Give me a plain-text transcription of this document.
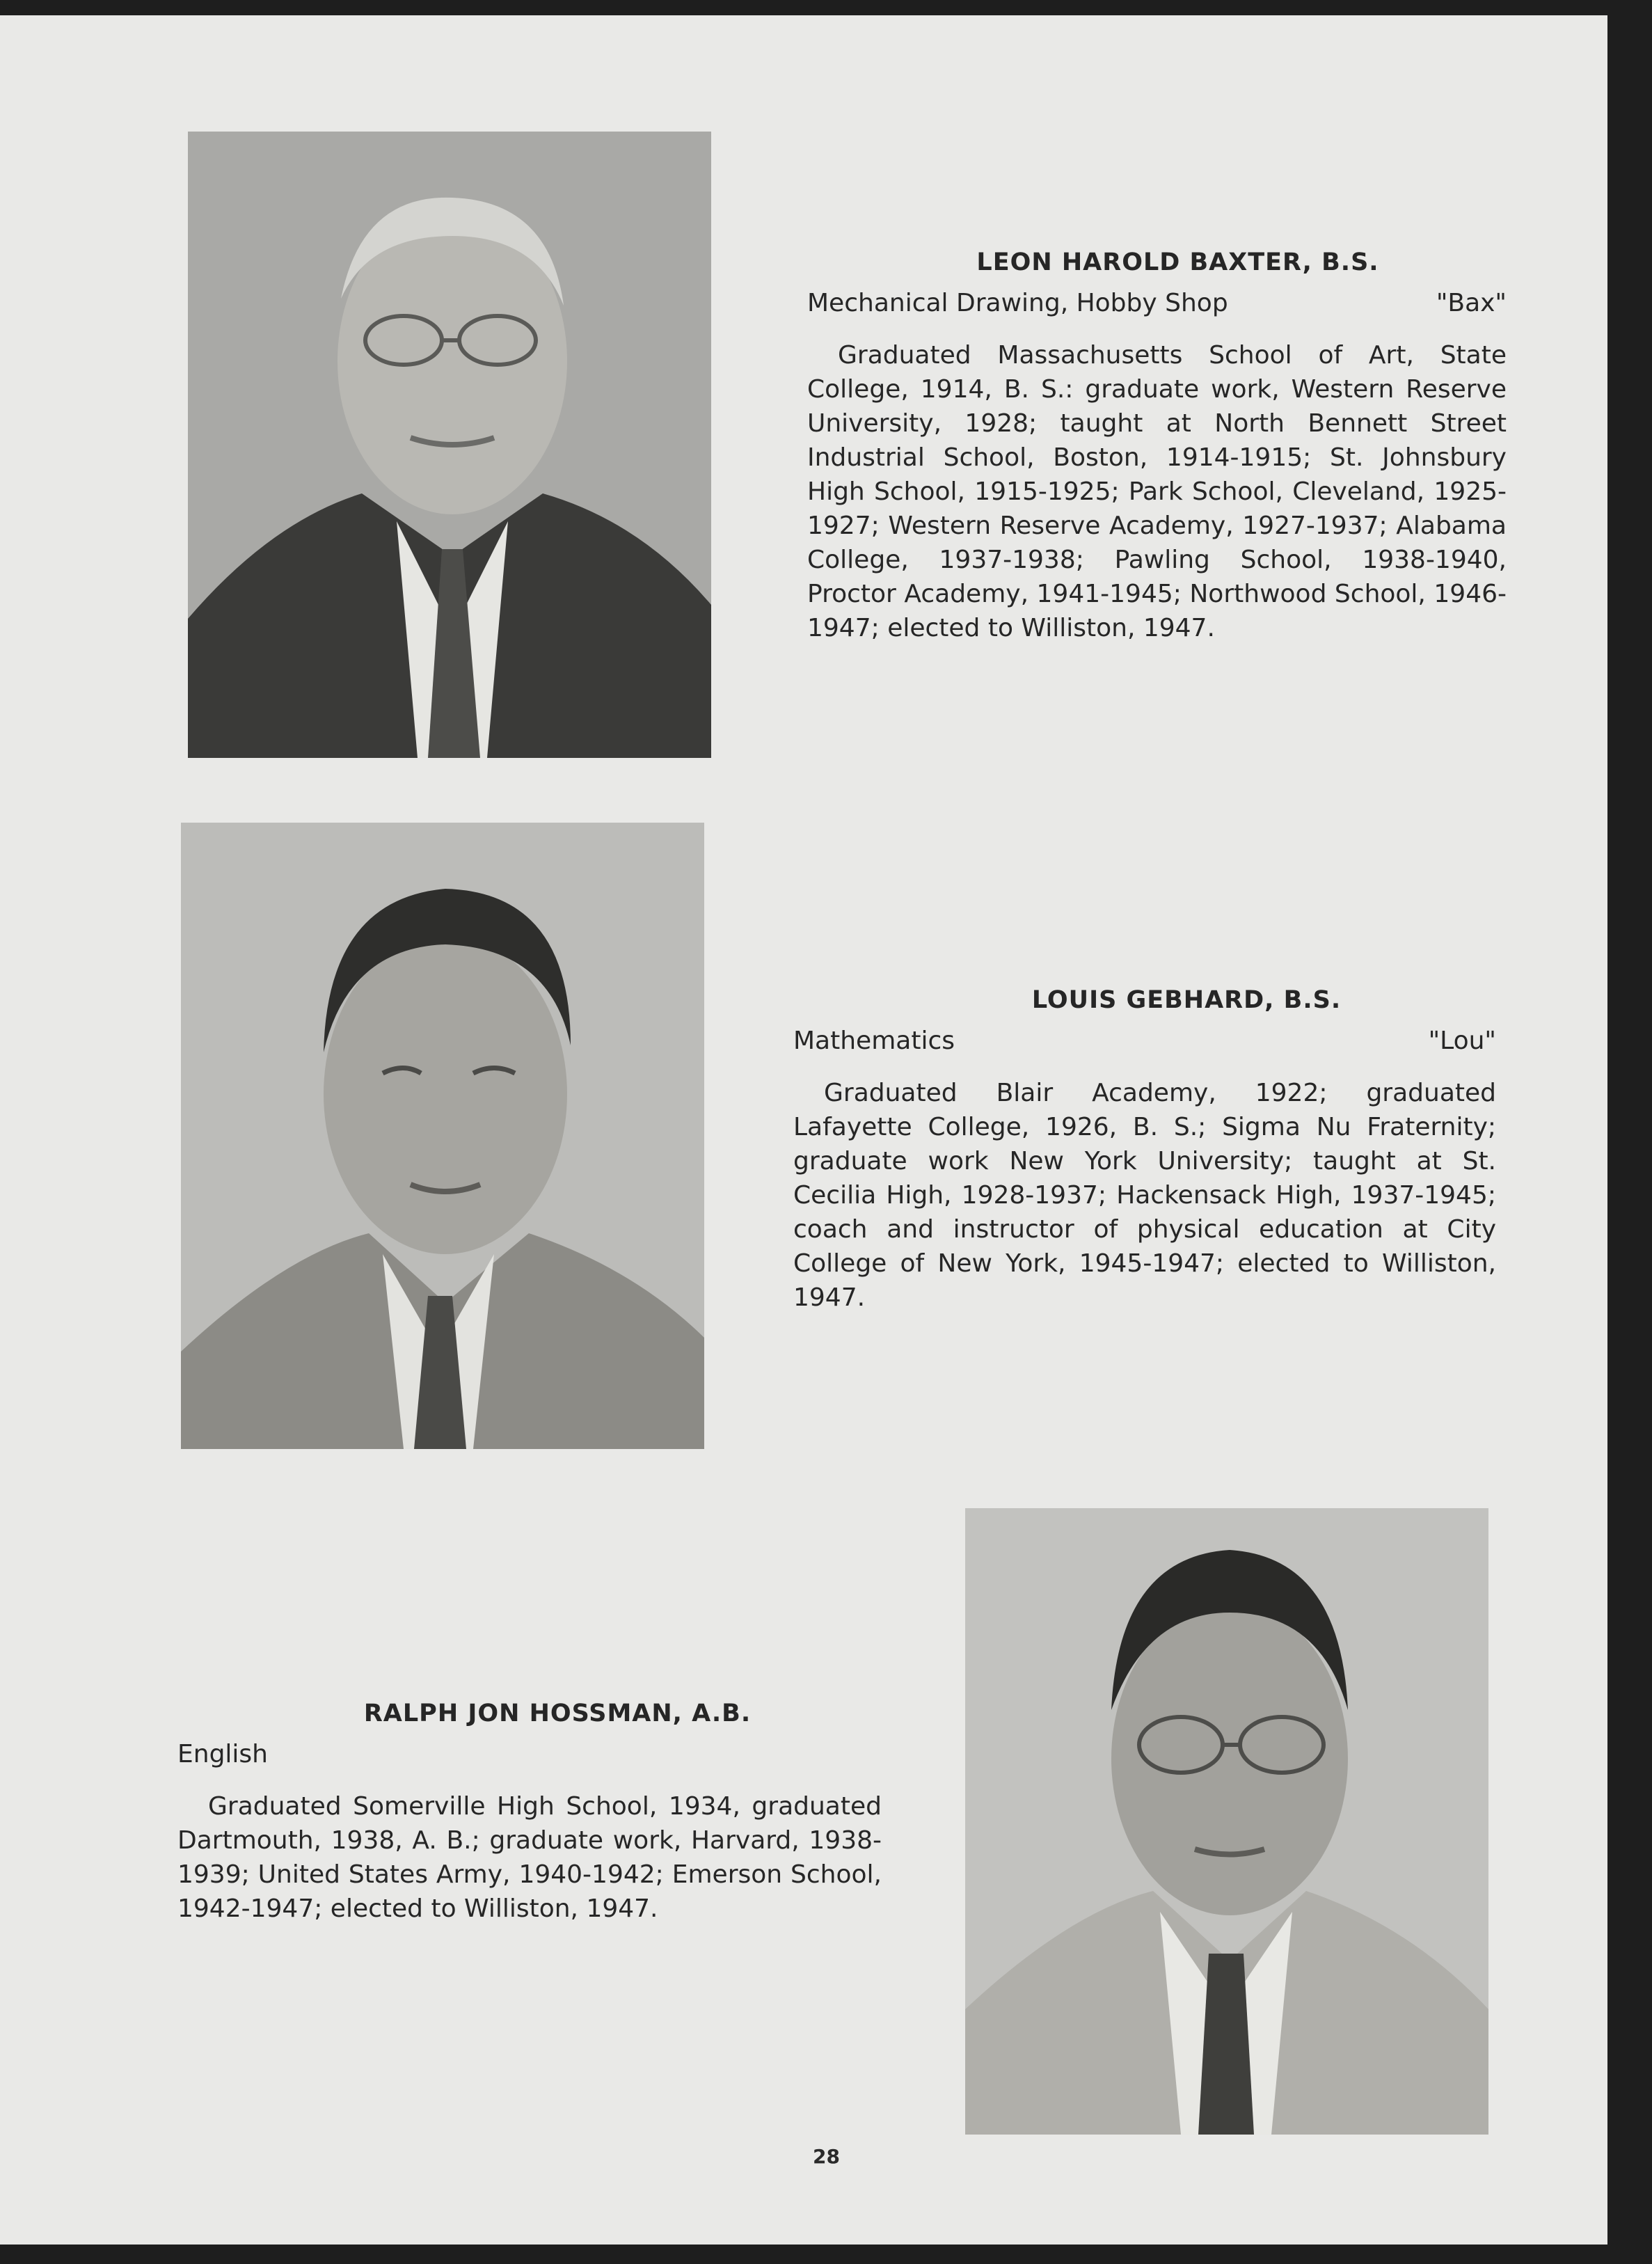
LEON HAROLD BAXTER, B.S.

Mechanical Drawing, Hobby Shop	"Bax"

Graduated Massachusetts School of Art, State College, 1914, B. S.: graduate work, Western Reserve University, 1928; taught at North Bennett Street Industrial School, Boston, 1914-1915; St. Johnsbury High School, 1915-1925; Park School, Cleveland, 1925-1927; Western Reserve Academy, 1927-1937; Alabama College, 1937-1938; Pawling School, 1938-1940, Proctor Academy, 1941-1945; Northwood School, 1946-1947; elected to Williston, 1947.

LOUIS GEBHARD, B.S.

Mathematics	"Lou"

Graduated Blair Academy, 1922; graduated Lafayette College, 1926, B. S.; Sigma Nu Fraternity; graduate work New York University; taught at St. Cecilia High, 1928-1937; Hackensack High, 1937-1945; coach and instructor of physical education at City College of New York, 1945-1947; elected to Williston, 1947.

RALPH JON HOSSMAN, A.B.

English

Graduated Somerville High School, 1934, graduated Dartmouth, 1938, A. B.; graduate work, Harvard, 1938-1939; United States Army, 1940-1942; Emerson School, 1942-1947; elected to Williston, 1947.

28
